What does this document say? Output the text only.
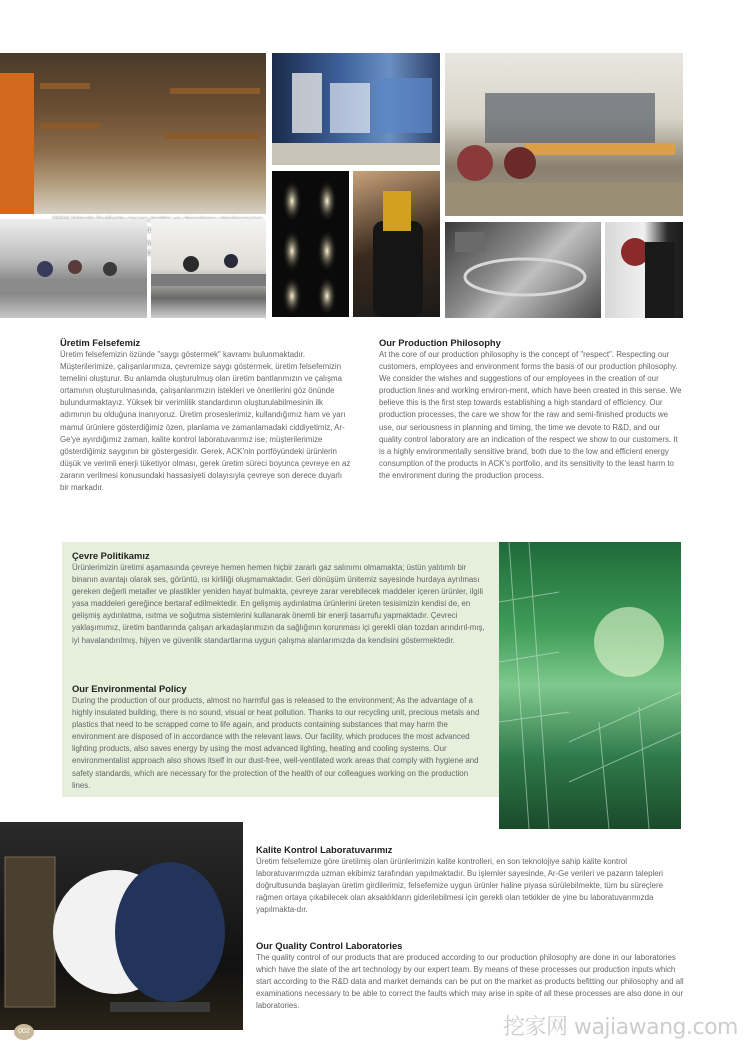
Üretim Felsefemiz

Üretim felsefemizin özünde "saygı göstermek" kavramı bulunmaktadır. Müşterilerimize, çalışanlarımıza, çevremize saygı göstermek, üretim felsefemizin temelini oluşturur. Bu anlamda oluşturulmuş olan üretim bantlarımızın ve çalışma ortamının oluşturulmasında, çalışanlarımızın istekleri ve önerilerini göz önünde bulundurmaktayız. Yüksek bir verimlilik standardının oluşturulabilmesinin ilk adımının bu olduğuna inanıyoruz. Üretim proseslerimiz, kullandığımız ham ve yarı mamul ürünlere gösterdiğimiz özen, planlama ve zamanlamadaki ciddiyetimiz, Ar-Ge'ye ayırdığımız zaman, kalite kontrol laboratuvarımız ise; müşterilerimize gösterdiğimiz saygının bir göstergesidir. Gerek, ACK'nin portföyündeki ürünlerin düşük ve verimli enerji tüketiyor olması, gerek üretim süreci boyunca çevreye en az zararın verilmesi konusundaki hassasiyeti dolayısıyla çevreye son derece duyarlı bir markadır.

Our Production Philosophy

At the core of our production philosophy is the concept of "respect". Respecting our customers, employees and environment forms the basis of our production philosophy. We consider the wishes and suggestions of our employees in the creation of our production lines and working environ-ment, which have been created in this sense. We believe this is the first step towards establishing a high standard of efficiency. Our production processes, the care we show for the raw and semi-finished products we use, our seriousness in planning and timing, the time we devote to R&D, and our quality control laboratory are an indication of the respect we show to our customers. It is a highly environmentally sensitive brand, both due to the low and efficient energy consumption of the products in ACK's portfolio, and its sensitivity to the least harm to the environment during the production process.

Çevre Politikamız

Ürünlerimizin üretimi aşamasında çevreye hemen hemen hiçbir zararlı gaz salınımı olmamakta; üstün yalıtımlı bir binanın avantajı olarak ses, görüntü, ısı kirliliği oluşmamaktadır. Geri dönüşüm ünitemiz sayesinde hurdaya ayrılması gereken değerli metaller ve plastikler yeniden hayat bulmakta, çevreye zarar verebilecek maddeler içeren ürünler, ilgili yasa maddeleri gereğince bertaraf edilmektedir. En gelişmiş aydınlatma ürünlerini üreten tesisimizin kendisi de, en gelişmiş aydınlatma, ısıtma ve soğutma sistemlerini kullanarak önemli bir enerji tasarrufu yapmaktadır. Çevreci yaklaşımımız, üretim bantlarında çalışan arkadaşlarımızın da sağlığının korunması içi gerekli olan tozdan arındırıl-mış, iyi havalandırılmış, hijyen ve güvenlik standartlarına uygun çalışma alanlarımızda da kendisini göstermektedir.

Our Environmental Policy

During the production of our products, almost no harmful gas is released to the environment; As the advantage of a highly insulated building, there is no sound, visual or heat pollution. Thanks to our recycling unit, precious metals and plastics that need to be scrapped come to life again, and products containing substances that may harm the environment are disposed of in accordance with the relevant laws. Our facility, which produces the most advanced lighting products, also saves energy by using the most advanced lighting, heating and cooling systems. Our environmentalist approach also shows itself in our dust-free, well-ventilated work areas that comply with hygiene and safety standards, which are necessary for the protection of the health of our colleagues working on the production lines.

Kalite Kontrol Laboratuvarımız

Üretim felsefemize göre üretilmiş olan ürünlerimizin kalite kontrolleri, en son teknolojiye sahip kalite kontrol laboratuvarımızda uzman ekibimiz tarafından yapılmaktadır. Bu işlemler sayesinde, Ar-Ge verileri ve pazarın talepleri doğrultusunda başlayan üretim girdilerimiz, felsefemize uygun ürünler haline piyasa sürülebilmekte, tüm bu süreçlere rağmen ortaya çıkabilecek olan aksaklıkların giderilebilmesi için gerekli olan tetkikler de yine bu laboratuvarımızda yapılmakta-dır.

Our Quality Control Laboratories

The quality control of our products that are produced according to our production philosophy are done in our laboratories which have the slate of the art technology by our expert team. By means of these processes our production inputs which start according to the R&D data and market demands can be put on the market as products befitting our philosophy and all examinations necessary to be able to correct the faults which may arise in spite of all these processes are also done in our laboratories.

002	挖家网 wajiawang.com
